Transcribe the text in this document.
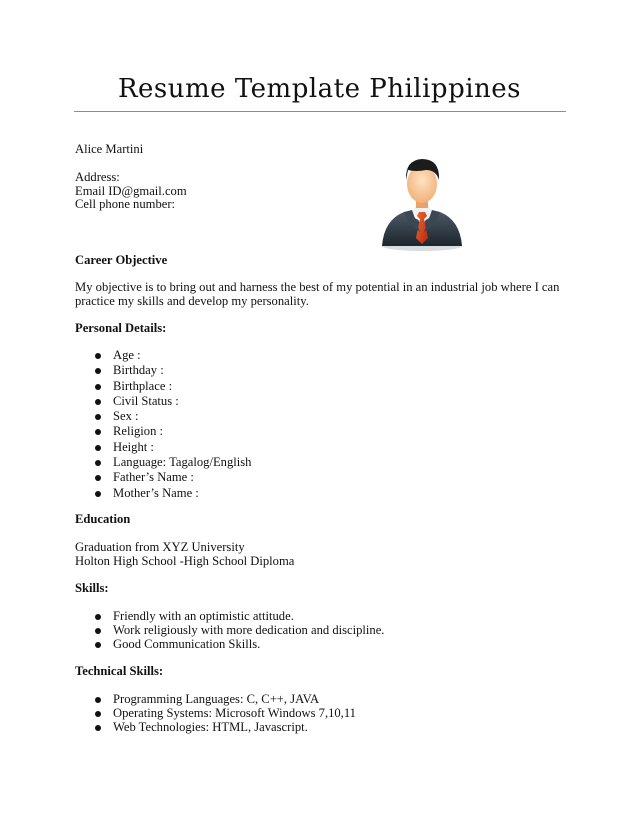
Resume Template Philippines
Alice Martini
Address:
Email ID@gmail.com
Cell phone number:
Career Objective
My objective is to bring out and harness the best of my potential in an industrial job where I can
practice my skills and develop my personality.
Personal Details:
Age :
Birthday :
Birthplace :
Civil Status :
Sex :
Religion :
Height :
Language: Tagalog/English
Father’s Name :
Mother’s Name :
Education
Graduation from XYZ University
Holton High School -High School Diploma
Skills:
Friendly with an optimistic attitude.
Work religiously with more dedication and discipline.
Good Communication Skills.
Technical Skills:
Programming Languages: C, C++, JAVA
Operating Systems: Microsoft Windows 7,10,11
Web Technologies: HTML, Javascript.
